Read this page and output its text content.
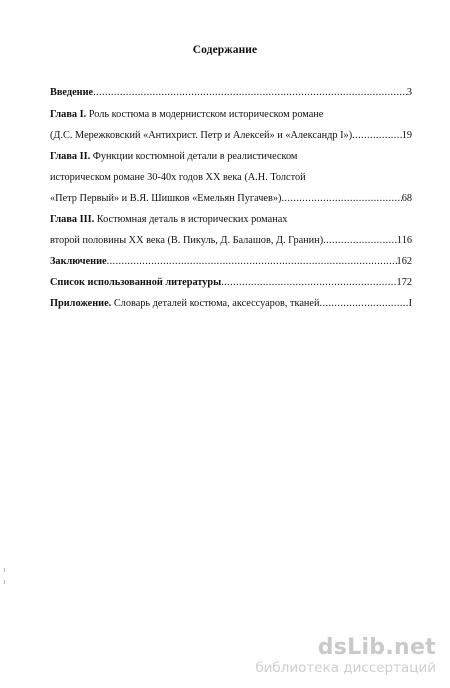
Содержание
Введение .....	3
Глава I. Роль костюма в модернистском историческом романе
(Д.С. Мережковский «Антихрист. Петр и Алексей» и «Александр I») .....	19
Глава II. Функции костюмной детали в реалистическом
историческом романе 30-40х годов XX века (А.Н. Толстой
«Петр Первый» и В.Я. Шишков «Емельян Пугачев») .....	68
Глава III. Костюмная деталь в исторических романах
второй половины XX века (В. Пикуль, Д. Балашов, Д. Гранин) .....	116
Заключение .....	162
Список использованной литературы .....	172
Приложение. Словарь деталей костюма, аксессуаров, тканей .....	I
dsLib.net
библиотека диссертаций
